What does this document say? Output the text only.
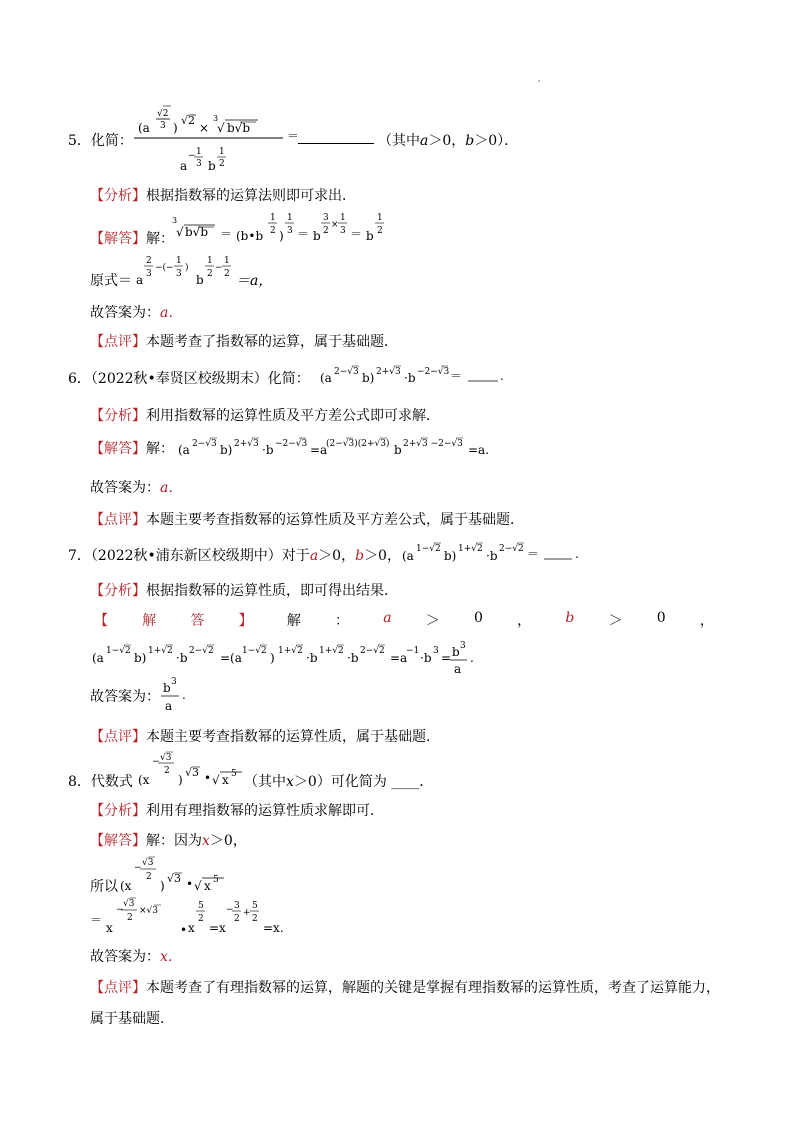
5．化简：
(a
√2
3 )
√2
×
3
√ b√b
a
− 1
3 b
1
2
＝	（其中a＞0，b＞0）．
【分析】根据指数幂的运算法则即可求出．
【解答】解：
3
√ b√b ＝ (b•b
1
2 )
1
3 ＝ b
3
2
×
1
3 ＝ b
1
2
原式＝ a
2
3
−(−
1
3
)
b
1
2
−
1
2 ＝a，
故答案为：a．
【点评】本题考查了指数幂的运算，属于基础题．
6．（2022秋•奉贤区校级期末）化简： (a 2−√3 b) 2+√3 ·b −2−√3 ＝	.
【分析】利用指数幂的运算性质及平方差公式即可求解．
【解答】解： (a 2−√3 b) 2+√3 ·b −2−√3 =a
(2−√3)(2+√3) b 2+√3 −2−√3 =a.
故答案为：a．
【点评】本题主要考查指数幂的运算性质及平方差公式，属于基础题．
7．（2022秋•浦东新区校级期中）对于a＞0，b＞0， (a 1−√2 b) 1+√2 ·b 2−√2 ＝	.
【分析】根据指数幂的运算性质，即可得出结果．
【 解 答 】 解 ： a ＞ 0 ， b ＞ 0 ，
(a 1−√2 b) 1+√2 ·b 2−√2 =(a 1−√2 ) 1+√2 ·b 1+√2 ·b 2−√2 =a
−1 ·b 3 = b 3
a
.
故答案为：
b 3
a
.
【点评】本题主要考查指数幂的运算性质，属于基础题．
8．代数式 (x
− √3
2
)
√3 • √ x 5 （其中x＞0）可化简为 ____．
【分析】利用有理指数幂的运算性质求解即可．
【解答】解：因为x＞0，
所以 (x
− √3
2
)
√3 • √ x 5
＝
x
−
√3
2
×√3
• x
5
2
=x
− 3
2
+
5
2
=x.
故答案为：x．
【点评】本题考查了有理指数幂的运算，解题的关键是掌握有理指数幂的运算性质，考查了运算能力，
属于基础题．
